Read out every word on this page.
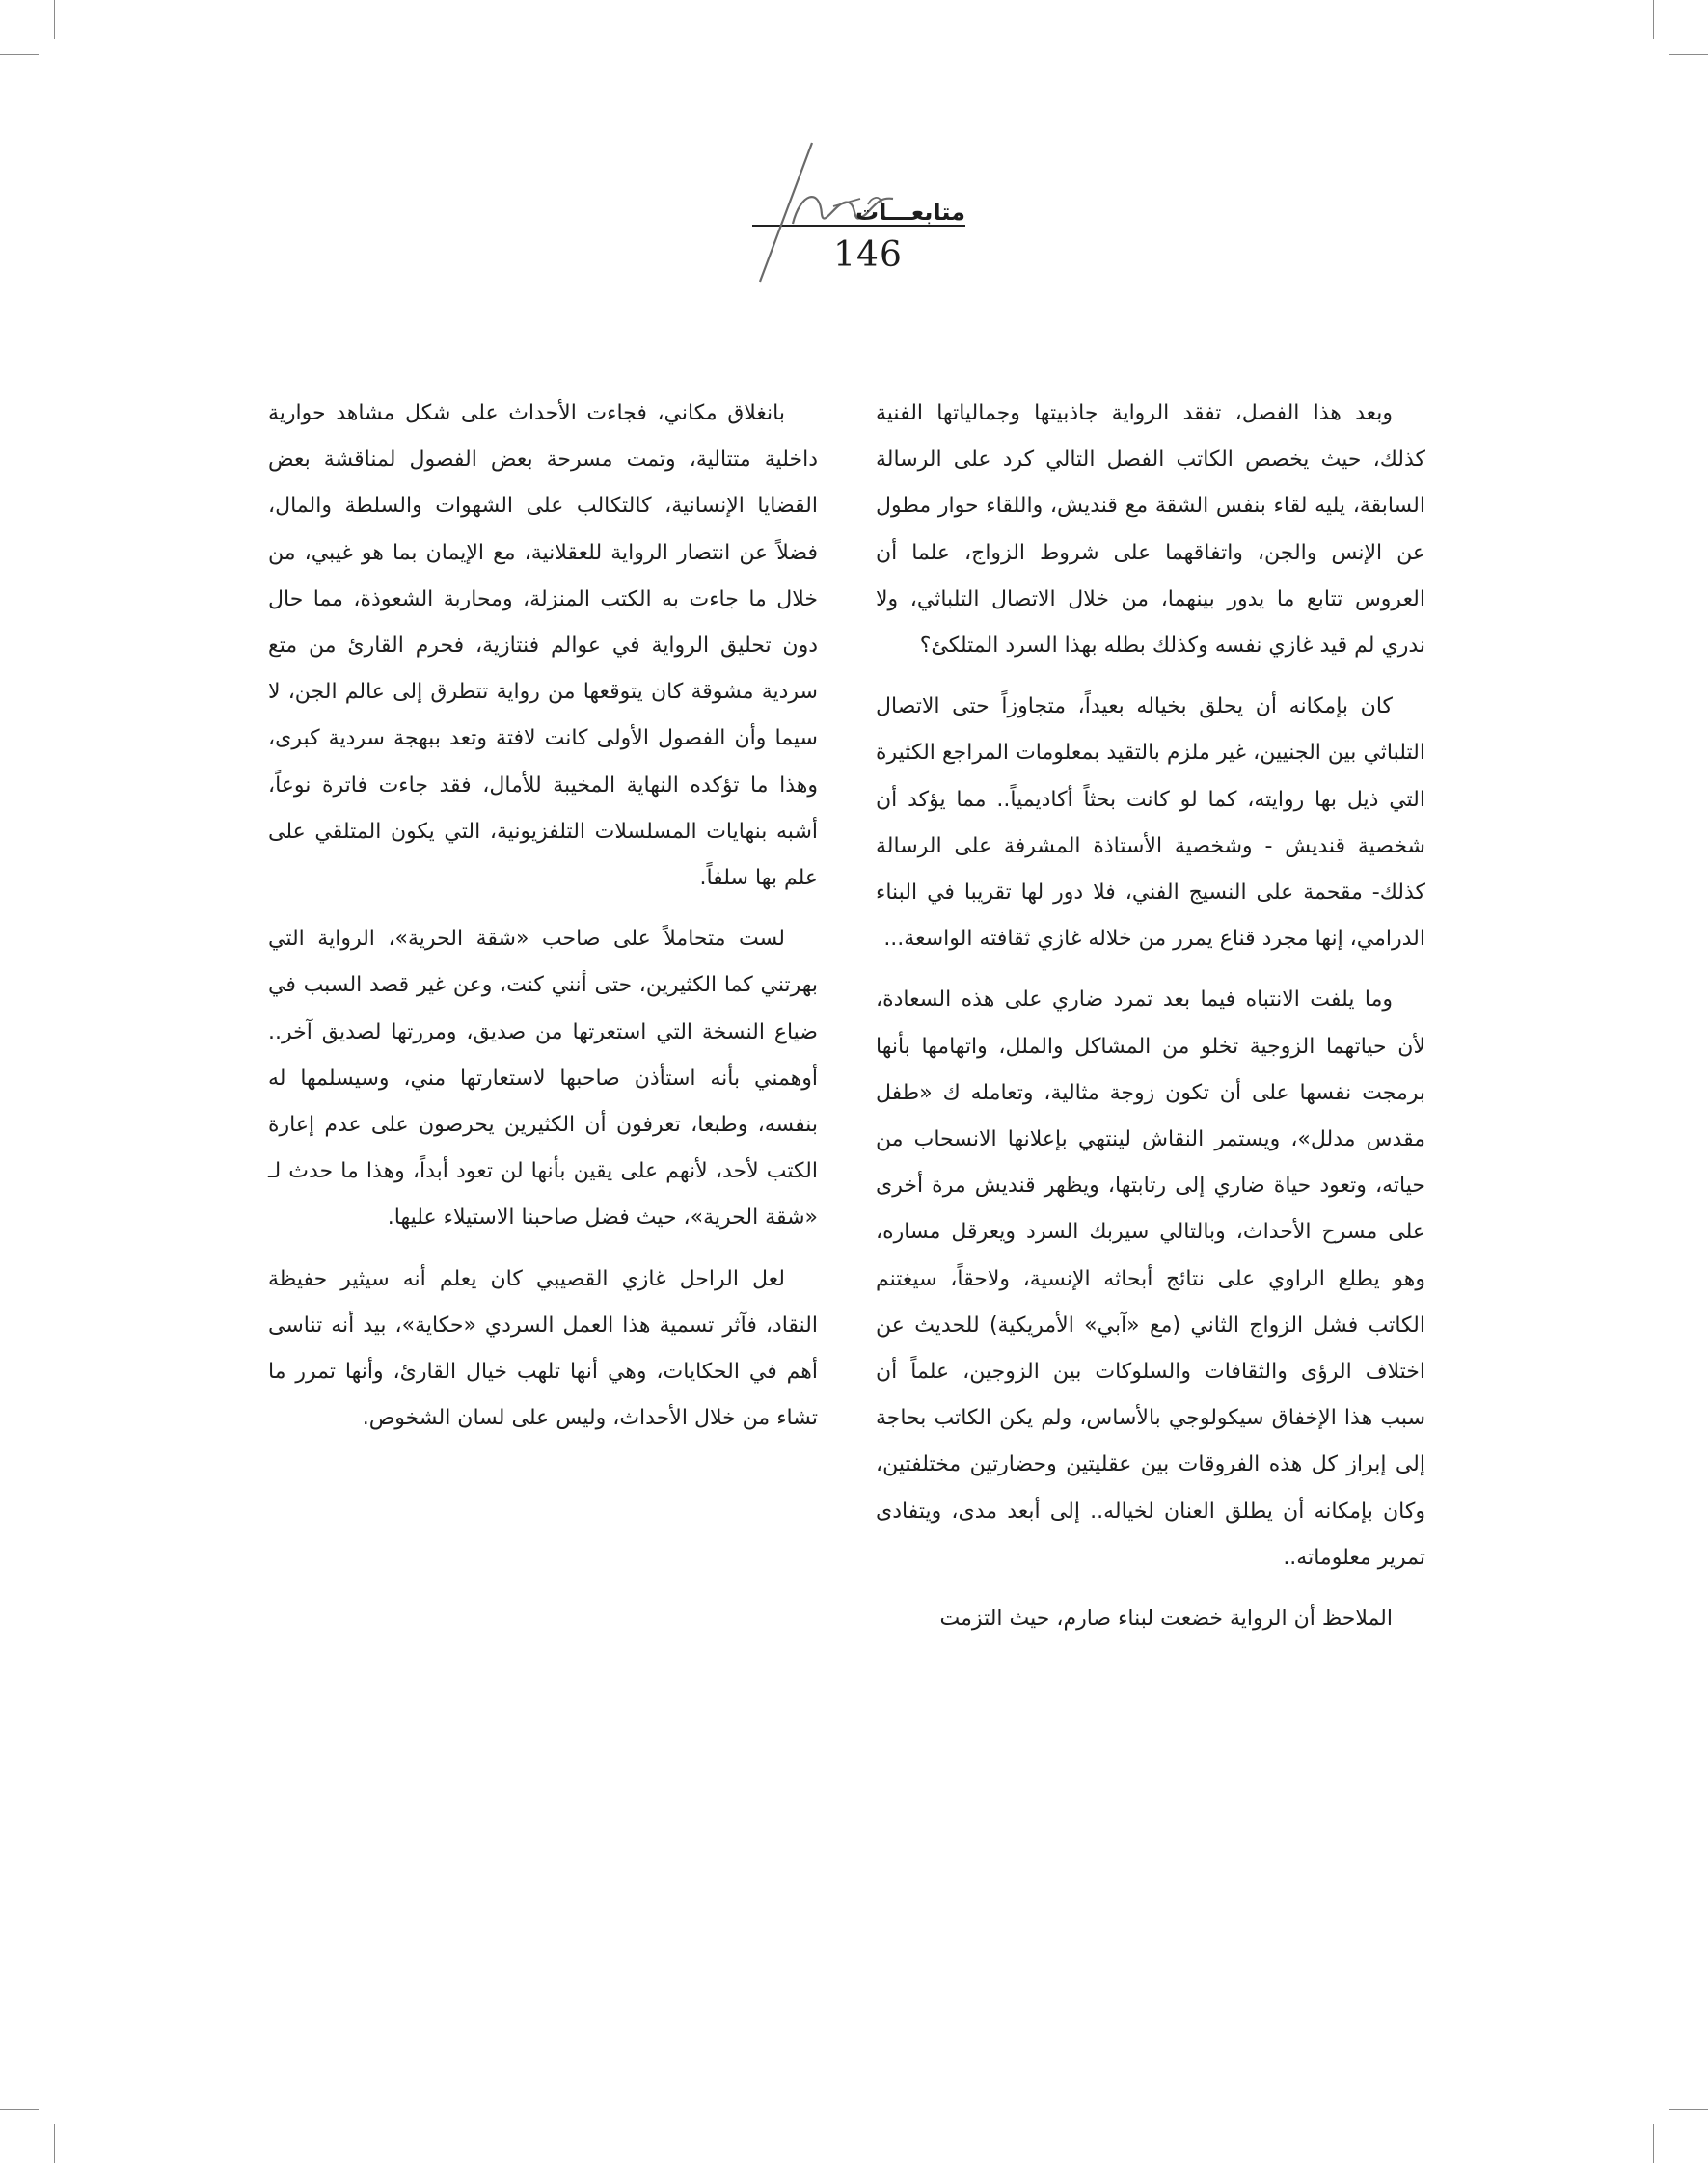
متابعـــات
146

وبعد هذا الفصل، تفقد الرواية جاذبيتها وجمالياتها الفنية كذلك، حيث يخصص الكاتب الفصل التالي كرد على الرسالة السابقة، يليه لقاء بنفس الشقة مع قنديش، واللقاء حوار مطول عن الإنس والجن، واتفاقهما على شروط الزواج، علما أن العروس تتابع ما يدور بينهما، من خلال الاتصال التلباثي، ولا ندري لم قيد غازي نفسه وكذلك بطله بهذا السرد المتلكئ؟

كان بإمكانه أن يحلق بخياله بعيداً، متجاوزاً حتى الاتصال التلباثي بين الجنيين، غير ملزم بالتقيد بمعلومات المراجع الكثيرة التي ذيل بها روايته، كما لو كانت بحثاً أكاديمياً.. مما يؤكد أن شخصية قنديش - وشخصية الأستاذة المشرفة على الرسالة كذلك- مقحمة على النسيج الفني، فلا دور لها تقريبا في البناء الدرامي، إنها مجرد قناع يمرر من خلاله غازي ثقافته الواسعة...

وما يلفت الانتباه فيما بعد تمرد ضاري على هذه السعادة، لأن حياتهما الزوجية تخلو من المشاكل والملل، واتهامها بأنها برمجت نفسها على أن تكون زوجة مثالية، وتعامله ك «طفل مقدس مدلل»، ويستمر النقاش لينتهي بإعلانها الانسحاب من حياته، وتعود حياة ضاري إلى رتابتها، ويظهر قنديش مرة أخرى على مسرح الأحداث، وبالتالي سيربك السرد ويعرقل مساره، وهو يطلع الراوي على نتائج أبحاثه الإنسية، ولاحقاً، سيغتنم الكاتب فشل الزواج الثاني (مع «آبي» الأمريكية) للحديث عن اختلاف الرؤى والثقافات والسلوكات بين الزوجين، علماً أن سبب هذا الإخفاق سيكولوجي بالأساس، ولم يكن الكاتب بحاجة إلى إبراز كل هذه الفروقات بين عقليتين وحضارتين مختلفتين، وكان بإمكانه أن يطلق العنان لخياله.. إلى أبعد مدى، ويتفادى تمرير معلوماته..

الملاحظ أن الرواية خضعت لبناء صارم، حيث التزمت

بانغلاق مكاني، فجاءت الأحداث على شكل مشاهد حوارية داخلية متتالية، وتمت مسرحة بعض الفصول لمناقشة بعض القضايا الإنسانية، كالتكالب على الشهوات والسلطة والمال، فضلاً عن انتصار الرواية للعقلانية، مع الإيمان بما هو غيبي، من خلال ما جاءت به الكتب المنزلة، ومحاربة الشعوذة، مما حال دون تحليق الرواية في عوالم فنتازية، فحرم القارئ من متع سردية مشوقة كان يتوقعها من رواية تتطرق إلى عالم الجن، لا سيما وأن الفصول الأولى كانت لافتة وتعد ببهجة سردية كبرى، وهذا ما تؤكده النهاية المخيبة للأمال، فقد جاءت فاترة نوعاً، أشبه بنهايات المسلسلات التلفزيونية، التي يكون المتلقي على علم بها سلفاً.

لست متحاملاً على صاحب «شقة الحرية»، الرواية التي بهرتني كما الكثيرين، حتى أنني كنت، وعن غير قصد السبب في ضياع النسخة التي استعرتها من صديق، ومررتها لصديق آخر.. أوهمني بأنه استأذن صاحبها لاستعارتها مني، وسيسلمها له بنفسه، وطبعا، تعرفون أن الكثيرين يحرصون على عدم إعارة الكتب لأحد، لأنهم على يقين بأنها لن تعود أبداً، وهذا ما حدث لـ «شقة الحرية»، حيث فضل صاحبنا الاستيلاء عليها.

لعل الراحل غازي القصيبي كان يعلم أنه سيثير حفيظة النقاد، فآثر تسمية هذا العمل السردي «حكاية»، بيد أنه تناسى أهم في الحكايات، وهي أنها تلهب خيال القارئ، وأنها تمرر ما تشاء من خلال الأحداث، وليس على لسان الشخوص.
